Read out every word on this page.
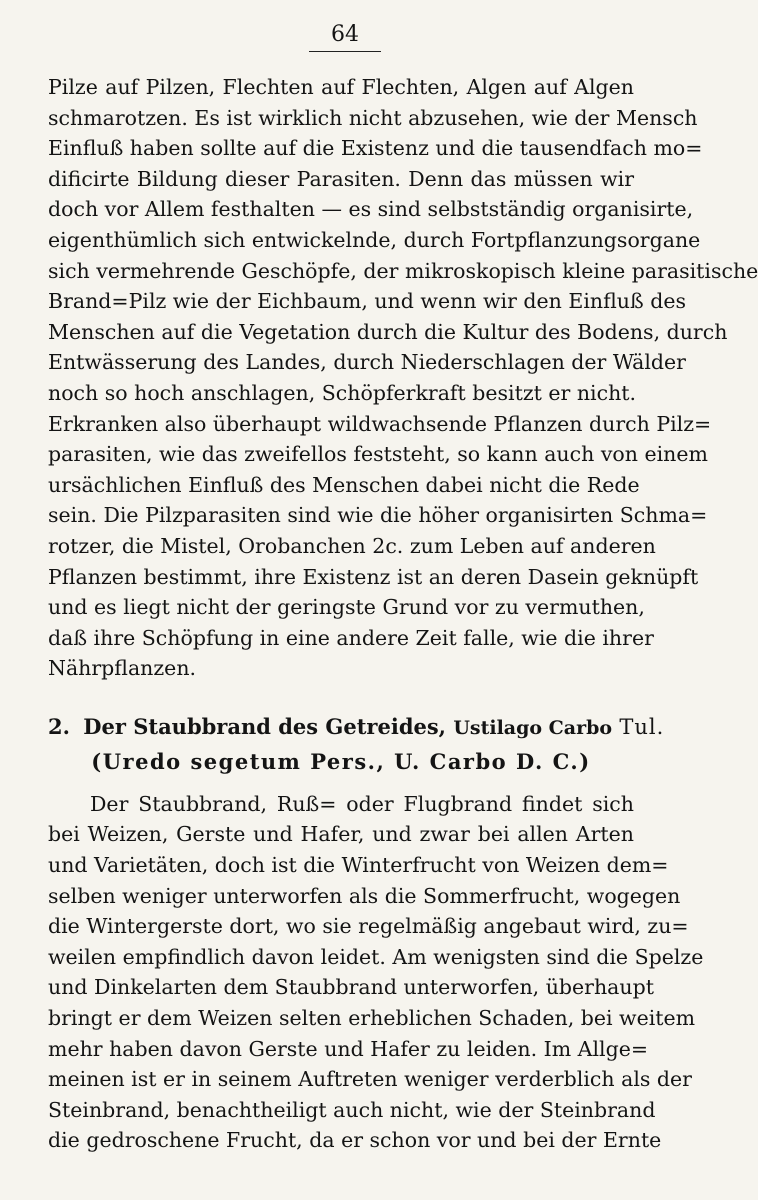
64
Pilze auf Pilzen, Flechten auf Flechten, Algen auf Algen
schmarotzen. Es ist wirklich nicht abzusehen, wie der Mensch
Einfluß haben sollte auf die Existenz und die tausendfach mo=
dificirte Bildung dieser Parasiten. Denn das müssen wir
doch vor Allem festhalten — es sind selbstständig organisirte,
eigenthümlich sich entwickelnde, durch Fortpflanzungsorgane
sich vermehrende Geschöpfe, der mikroskopisch kleine parasitische
Brand=Pilz wie der Eichbaum, und wenn wir den Einfluß des
Menschen auf die Vegetation durch die Kultur des Bodens, durch
Entwässerung des Landes, durch Niederschlagen der Wälder
noch so hoch anschlagen, Schöpferkraft besitzt er nicht.
Erkranken also überhaupt wildwachsende Pflanzen durch Pilz=
parasiten, wie das zweifellos feststeht, so kann auch von einem
ursächlichen Einfluß des Menschen dabei nicht die Rede
sein. Die Pilzparasiten sind wie die höher organisirten Schma=
rotzer, die Mistel, Orobanchen 2c. zum Leben auf anderen
Pflanzen bestimmt, ihre Existenz ist an deren Dasein geknüpft
und es liegt nicht der geringste Grund vor zu vermuthen,
daß ihre Schöpfung in eine andere Zeit falle, wie die ihrer
Nährpflanzen.
2. Der Staubbrand des Getreides, Ustilago Carbo Tul.
(Uredo segetum Pers., U. Carbo D. C.)
Der Staubbrand, Ruß= oder Flugbrand findet sich
bei Weizen, Gerste und Hafer, und zwar bei allen Arten
und Varietäten, doch ist die Winterfrucht von Weizen dem=
selben weniger unterworfen als die Sommerfrucht, wogegen
die Wintergerste dort, wo sie regelmäßig angebaut wird, zu=
weilen empfindlich davon leidet. Am wenigsten sind die Spelze
und Dinkelarten dem Staubbrand unterworfen, überhaupt
bringt er dem Weizen selten erheblichen Schaden, bei weitem
mehr haben davon Gerste und Hafer zu leiden. Im Allge=
meinen ist er in seinem Auftreten weniger verderblich als der
Steinbrand, benachtheiligt auch nicht, wie der Steinbrand
die gedroschene Frucht, da er schon vor und bei der Ernte
